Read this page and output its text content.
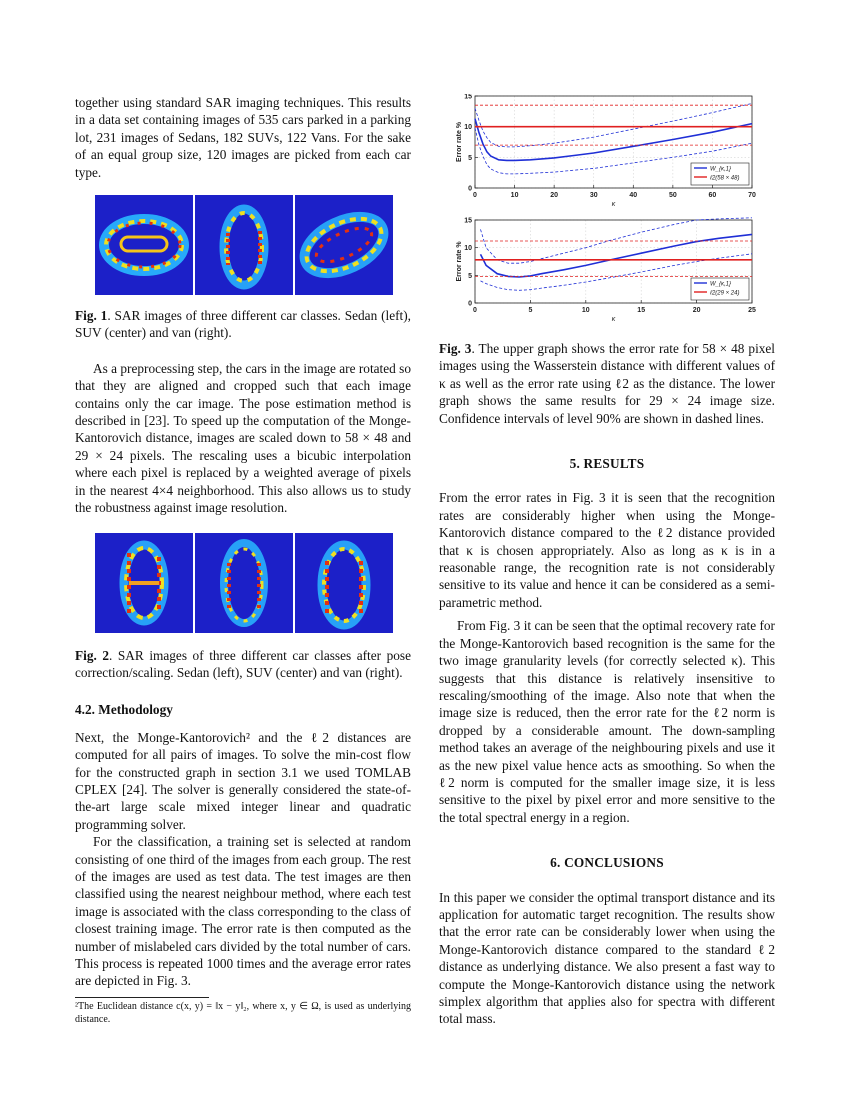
together using standard SAR imaging techniques. This results in a data set containing images of 535 cars parked in a parking lot, 231 images of Sedans, 182 SUVs, 122 Vans. For the sake of an equal group size, 120 images are picked from each car type.

Fig. 1. SAR images of three different car classes. Sedan (left), SUV (center) and van (right).

As a preprocessing step, the cars in the image are rotated so that they are aligned and cropped such that each image contains only the car image. The pose estimation method is described in [23]. To speed up the computation of the Monge-Kantorovich distance, images are scaled down to 58 × 48 and 29 × 24 pixels. The rescaling uses a bicubic interpolation where each pixel is replaced by a weighted average of pixels in the nearest 4×4 neighborhood. This also allows us to study the robustness against image resolution.

Fig. 2. SAR images of three different car classes after pose correction/scaling. Sedan (left), SUV (center) and van (right).

4.2. Methodology

Next, the Monge-Kantorovich² and the ℓ2 distances are computed for all pairs of images. To solve the min-cost flow for the constructed graph in section 3.1 we used TOMLAB CPLEX [24]. The solver is generally considered the state-of-the-art large scale mixed integer linear and quadratic programming solver.

For the classification, a training set is selected at random consisting of one third of the images from each group. The rest of the images are used as test data. The test images are then classified using the nearest neighbour method, where each test image is associated with the class corresponding to the class of closest training image. The error rate is then computed as the number of mislabeled cars divided by the total number of cars. This process is repeated 1000 times and the average error rates are depicted in Fig. 3.

²The Euclidean distance c(x, y) = ‖x − y‖₂, where x, y ∈ Ω, is used as underlying distance.

0	10	20	30	40	50	60	70
0
5
10
15
κ
Error rate %
W_{κ,1}
ℓ2(58 × 48)
0	5	10	15	20	25
0
5
10
15
κ
Error rate %
W_{κ,1}
ℓ2(29 × 24)

Fig. 3. The upper graph shows the error rate for 58 × 48 pixel images using the Wasserstein distance with different values of κ as well as the error rate using ℓ2 as the distance. The lower graph shows the same results for 29 × 24 image size. Confidence intervals of level 90% are shown in dashed lines.

5. RESULTS

From the error rates in Fig. 3 it is seen that the recognition rates are considerably higher when using the Monge-Kantorovich distance compared to the ℓ2 distance provided that κ is chosen appropriately. Also as long as κ is in a reasonable range, the recognition rate is not considerably sensitive to its value and hence it can be considered as a semi-parametric method.

From Fig. 3 it can be seen that the optimal recovery rate for the Monge-Kantorovich based recognition is the same for the two image granularity levels (for correctly selected κ). This suggests that this distance is relatively insensitive to rescaling/smoothing of the image. Also note that when the image size is reduced, then the error rate for the ℓ2 norm is dropped by a considerable amount. The down-sampling method takes an average of the neighbouring pixels and use it as the new pixel value hence acts as smoothing. So when the ℓ2 norm is computed for the smaller image size, it is less sensitive to the pixel by pixel error and more sensitive to the the total spectral energy in a region.

6. CONCLUSIONS

In this paper we consider the optimal transport distance and its application for automatic target recognition. The results show that the error rate can be considerably lower when using the Monge-Kantorovich distance compared to the standard ℓ2 distance as underlying distance. We also present a fast way to compute the Monge-Kantorovich distance using the network simplex algorithm that applies also for spectra with different total mass.
